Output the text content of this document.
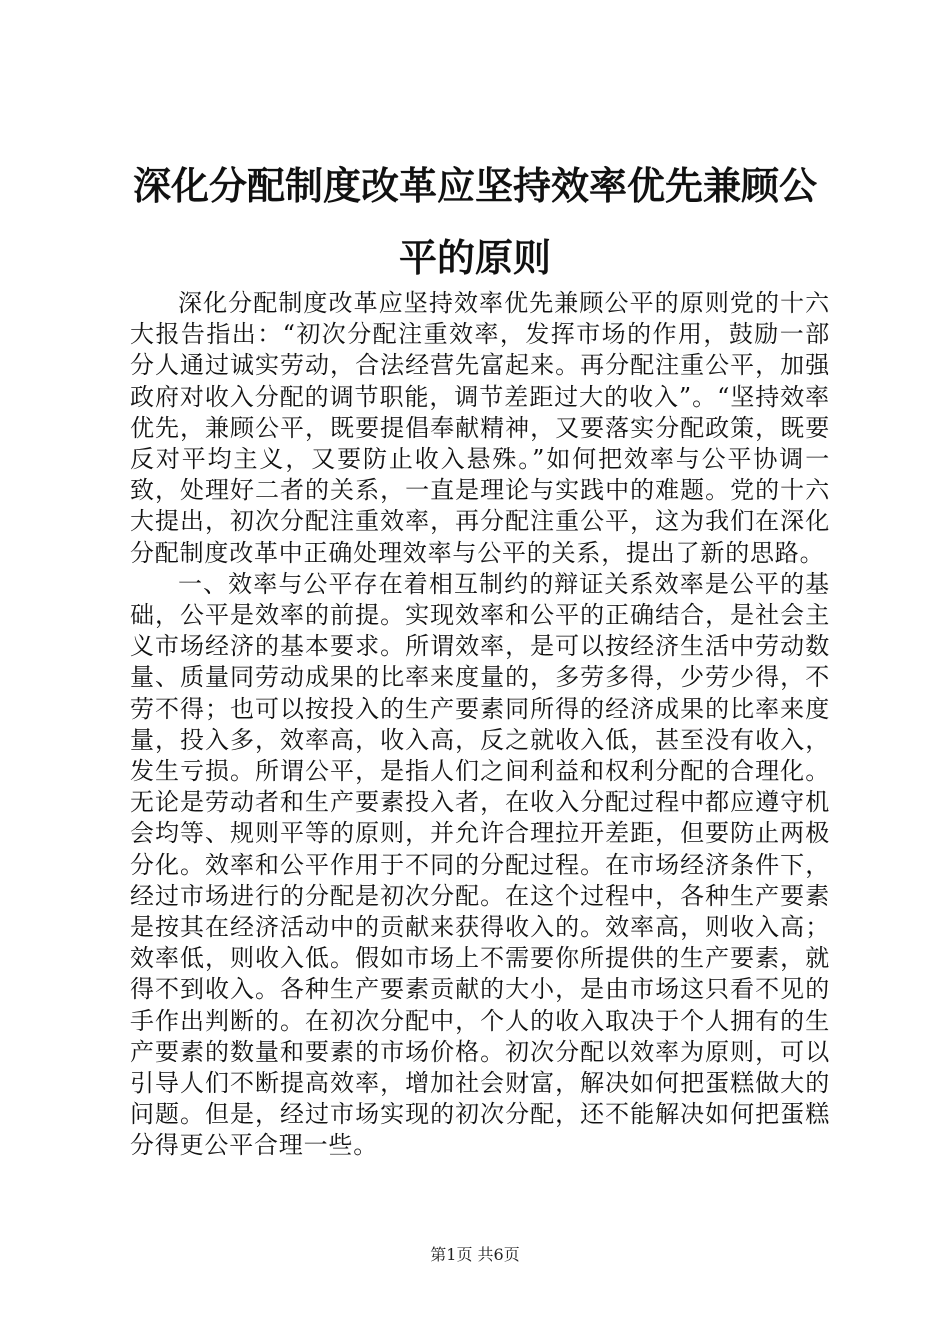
深化分配制度改革应坚持效率优先兼顾公平的原则

深化分配制度改革应坚持效率优先兼顾公平的原则党的十六大报告指出：“初次分配注重效率，发挥市场的作用，鼓励一部分人通过诚实劳动，合法经营先富起来。再分配注重公平，加强政府对收入分配的调节职能，调节差距过大的收入”。“坚持效率优先，兼顾公平，既要提倡奉献精神，又要落实分配政策，既要反对平均主义，又要防止收入悬殊。”如何把效率与公平协调一致，处理好二者的关系，一直是理论与实践中的难题。党的十六大提出，初次分配注重效率，再分配注重公平，这为我们在深化分配制度改革中正确处理效率与公平的关系，提出了新的思路。

一、效率与公平存在着相互制约的辩证关系效率是公平的基础，公平是效率的前提。实现效率和公平的正确结合，是社会主义市场经济的基本要求。所谓效率，是可以按经济生活中劳动数量、质量同劳动成果的比率来度量的，多劳多得，少劳少得，不劳不得；也可以按投入的生产要素同所得的经济成果的比率来度量，投入多，效率高，收入高，反之就收入低，甚至没有收入，发生亏损。所谓公平，是指人们之间利益和权利分配的合理化。无论是劳动者和生产要素投入者，在收入分配过程中都应遵守机会均等、规则平等的原则，并允许合理拉开差距，但要防止两极分化。效率和公平作用于不同的分配过程。在市场经济条件下，经过市场进行的分配是初次分配。在这个过程中，各种生产要素是按其在经济活动中的贡献来获得收入的。效率高，则收入高；效率低，则收入低。假如市场上不需要你所提供的生产要素，就得不到收入。各种生产要素贡献的大小，是由市场这只看不见的手作出判断的。在初次分配中，个人的收入取决于个人拥有的生产要素的数量和要素的市场价格。初次分配以效率为原则，可以引导人们不断提高效率，增加社会财富，解决如何把蛋糕做大的问题。但是，经过市场实现的初次分配，还不能解决如何把蛋糕分得更公平合理一些。

第1页 共6页
